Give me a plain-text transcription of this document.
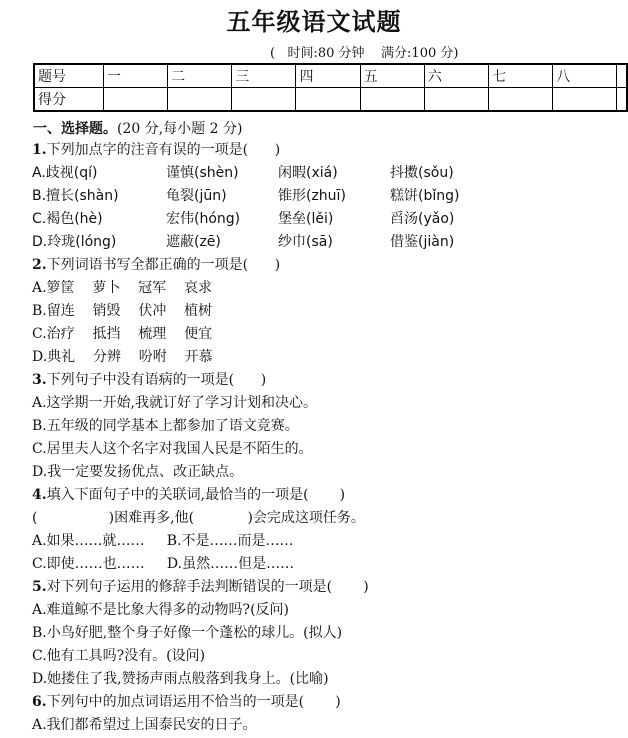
五年级语文试题
(   时间:80 分钟    满分:100 分)
题号	一	二	三	四	五	六	七	八	
得分									
一、选择题。(20 分,每小题 2 分)
1.下列加点字的注音有误的一项是(      )
A.歧视(qí)	谨慎(shèn)	闲暇(xiá)	抖擞(sǒu)
B.擅长(shàn)	龟裂(jūn)	锥形(zhuī)	糕饼(bǐng)
C.褐色(hè)	宏伟(hóng)	堡垒(lěi)	舀汤(yǎo)
D.玲珑(lóng)	遮蔽(zē)	纱巾(sā)	借鉴(jiàn)
2.下列词语书写全都正确的一项是(      )
A.箩筐    萝卜    冠军    哀求
B.留连    销毁    伏冲    植树
C.治疗    抵挡    梳理    便宜
D.典礼    分辨    吩咐    开慕
3.下列句子中没有语病的一项是(      )
A.这学期一开始,我就订好了学习计划和决心。
B.五年级的同学基本上都参加了语文竞赛。
C.居里夫人这个名字对我国人民是不陌生的。
D.我一定要发扬优点、改正缺点。
4.填入下面句子中的关联词,最恰当的一项是(       )
(                )困难再多,他(            )会完成这项任务。
A.如果……就……     B.不是……而是……
C.即使……也……     D.虽然……但是……
5.对下列句子运用的修辞手法判断错误的一项是(       )
A.难道鲸不是比象大得多的动物吗?(反问)
B.小鸟好肥,整个身子好像一个蓬松的球儿。(拟人)
C.他有工具吗?没有。(设问)
D.她搂住了我,赞扬声雨点般落到我身上。(比喻)
6.下列句中的加点词语运用不恰当的一项是(       )
A.我们都希望过上国泰民安的日子。
